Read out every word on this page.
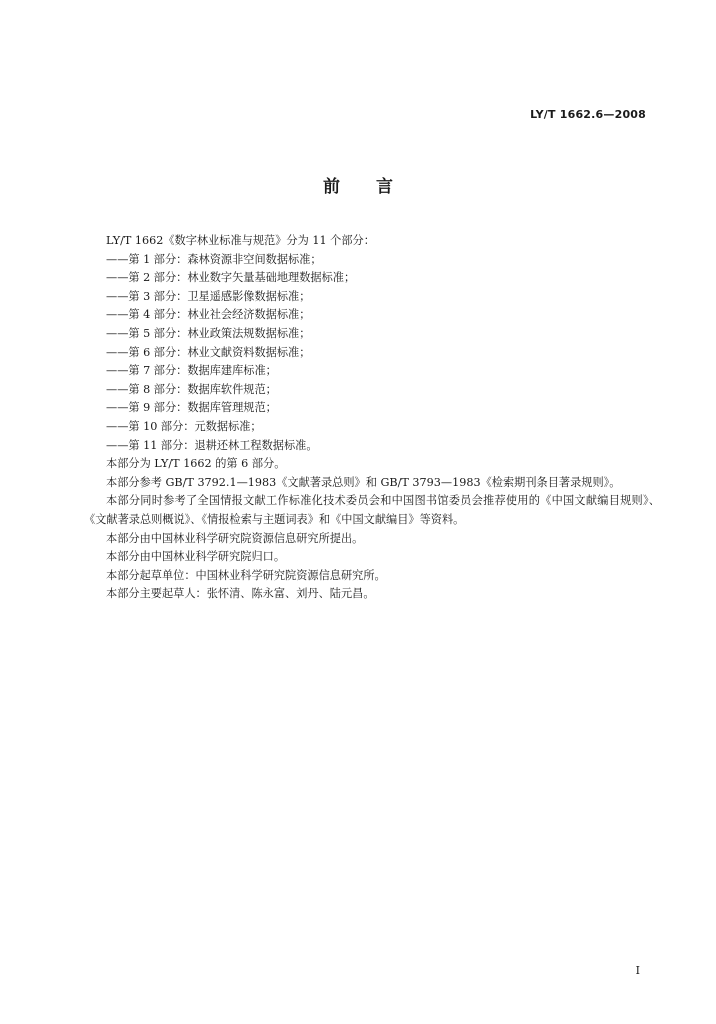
LY/T 1662.6—2008
前 言
LY/T 1662《数字林业标准与规范》分为 11 个部分：
——第 1 部分：森林资源非空间数据标准；
——第 2 部分：林业数字矢量基础地理数据标准；
——第 3 部分：卫星遥感影像数据标准；
——第 4 部分：林业社会经济数据标准；
——第 5 部分：林业政策法规数据标准；
——第 6 部分：林业文献资料数据标准；
——第 7 部分：数据库建库标准；
——第 8 部分：数据库软件规范；
——第 9 部分：数据库管理规范；
——第 10 部分：元数据标准；
——第 11 部分：退耕还林工程数据标准。
本部分为 LY/T 1662 的第 6 部分。
本部分参考 GB/T 3792.1—1983《文献著录总则》和 GB/T 3793—1983《检索期刊条目著录规则》。
本部分同时参考了全国情报文献工作标准化技术委员会和中国图书馆委员会推荐使用的《中国文献编目规则》、《文献著录总则概说》、《情报检索与主题词表》和《中国文献编目》等资料。
本部分由中国林业科学研究院资源信息研究所提出。
本部分由中国林业科学研究院归口。
本部分起草单位：中国林业科学研究院资源信息研究所。
本部分主要起草人：张怀清、陈永富、刘丹、陆元昌。
I
